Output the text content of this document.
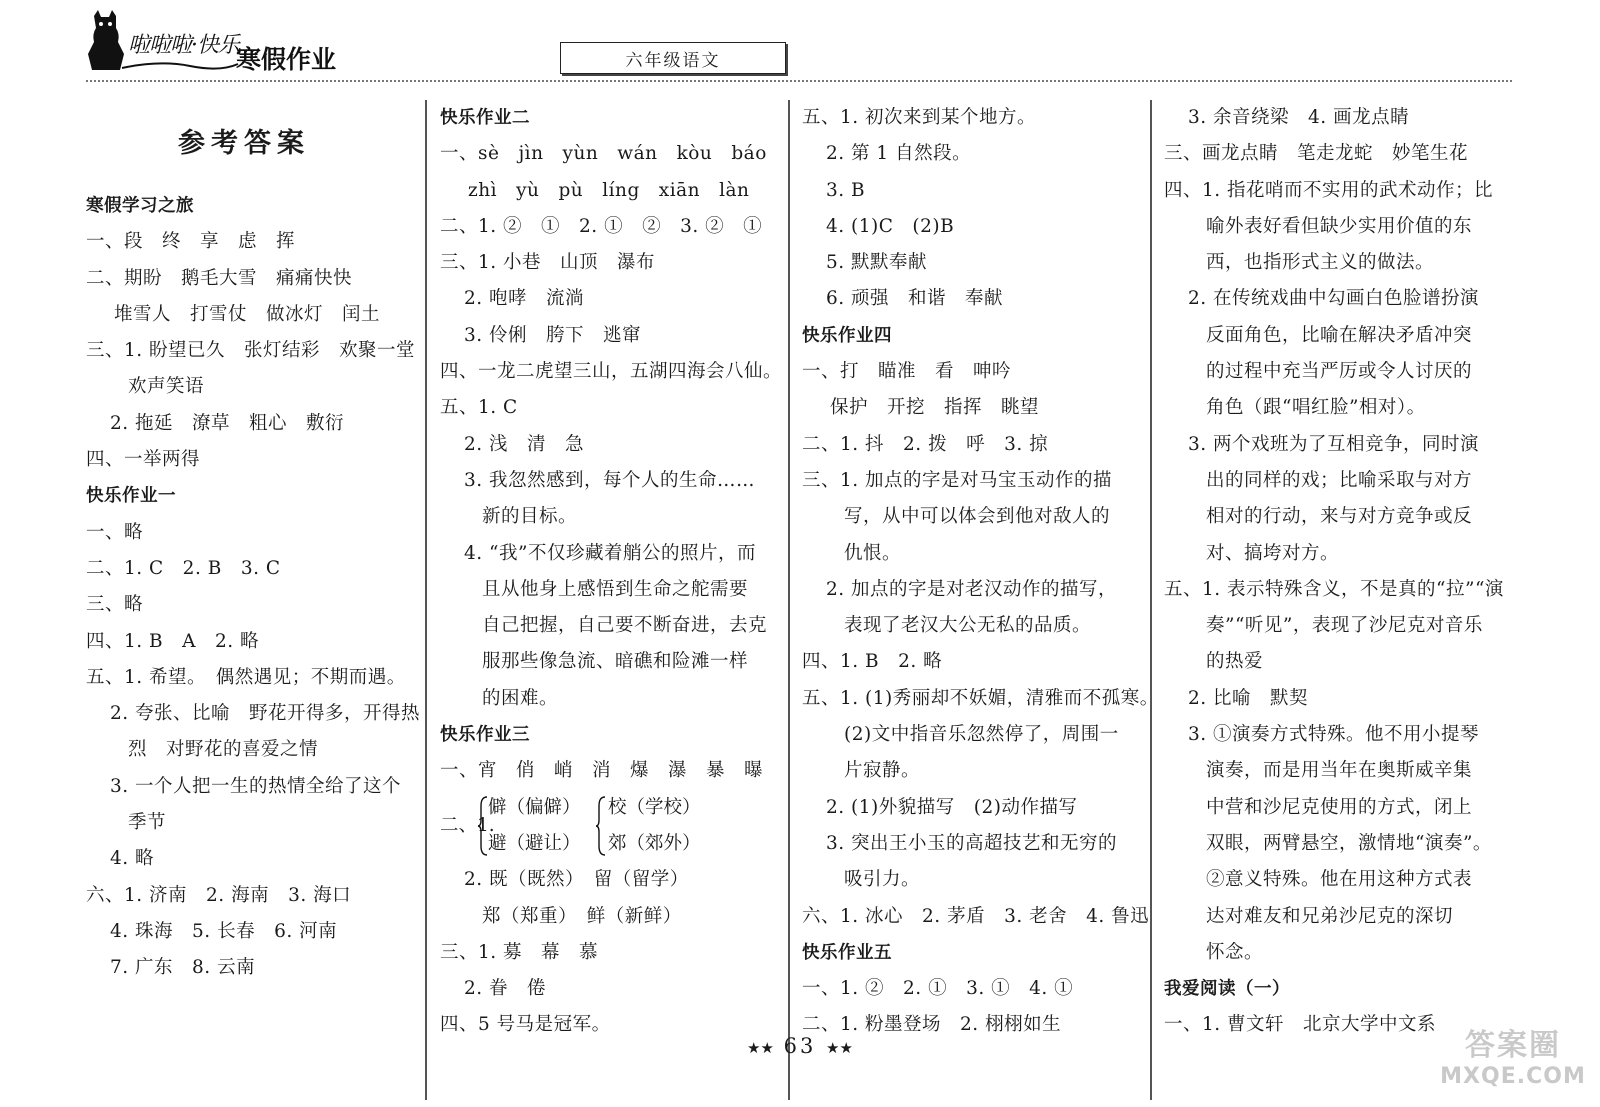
啦啦啦·快乐
寒假作业	六年级语文
参考答案
寒假学习之旅
一、段　终　享　虑　挥
二、期盼　鹅毛大雪　痛痛快快
堆雪人　打雪仗　做冰灯　闰土
三、1. 盼望已久　张灯结彩　欢聚一堂
欢声笑语
2. 拖延　潦草　粗心　敷衍
四、一举两得
快乐作业一
一、略
二、1. C　2. B　3. C
三、略
四、1. B　A　2. 略
五、1. 希望。　偶然遇见；不期而遇。
2. 夸张、比喻　野花开得多，开得热
烈　对野花的喜爱之情
3. 一个人把一生的热情全给了这个
季节
4. 略
六、1. 济南　2. 海南　3. 海口
4. 珠海　5. 长春　6. 河南
7. 广东　8. 云南
快乐作业二
一、sè　jìn　yùn　wán　kòu　báo
zhì　yù　pù　líng　xiān　làn
二、1. ②　①　2. ①　②　3. ②　①
三、1. 小巷　山顶　瀑布
2. 咆哮　流淌
3. 伶俐　胯下　逃窜
四、一龙二虎望三山，五湖四海会八仙。
五、1. C
2. 浅　清　急
3. 我忽然感到，每个人的生命……
新的目标。
4. “我”不仅珍藏着艄公的照片，而
且从他身上感悟到生命之舵需要
自己把握，自己要不断奋进，去克
服那些像急流、暗礁和险滩一样
的困难。
快乐作业三
一、宵　俏　峭　消　爆　瀑　暴　曝
二、1.
僻（偏僻）
避（避让）
校（学校）
郊（郊外）
2. 既（既然）　留（留学）
郑（郑重）　鲜（新鲜）
三、1. 募　幕　慕
2. 眷　倦
四、5 号马是冠军。
五、1. 初次来到某个地方。
2. 第 1 自然段。
3. B
4. (1)C　(2)B
5. 默默奉献
6. 顽强　和谐　奉献
快乐作业四
一、打　瞄准　看　呻吟
保护　开挖　指挥　眺望
二、1. 抖　2. 拨　呼　3. 掠
三、1. 加点的字是对马宝玉动作的描
写，从中可以体会到他对敌人的
仇恨。
2. 加点的字是对老汉动作的描写，
表现了老汉大公无私的品质。
四、1. B　2. 略
五、1. (1)秀丽却不妖媚，清雅而不孤寒。
(2)文中指音乐忽然停了，周围一
片寂静。
2. (1)外貌描写　(2)动作描写
3. 突出王小玉的高超技艺和无穷的
吸引力。
六、1. 冰心　2. 茅盾　3. 老舍　4. 鲁迅
快乐作业五
一、1. ②　2. ①　3. ①　4. ①
二、1. 粉墨登场　2. 栩栩如生
3. 余音绕梁　4. 画龙点睛
三、画龙点睛　笔走龙蛇　妙笔生花
四、1. 指花哨而不实用的武术动作；比
喻外表好看但缺少实用价值的东
西，也指形式主义的做法。
2. 在传统戏曲中勾画白色脸谱扮演
反面角色，比喻在解决矛盾冲突
的过程中充当严厉或令人讨厌的
角色（跟“唱红脸”相对）。
3. 两个戏班为了互相竞争，同时演
出的同样的戏；比喻采取与对方
相对的行动，来与对方竞争或反
对、搞垮对方。
五、1. 表示特殊含义，不是真的“拉”“演
奏”“听见”，表现了沙尼克对音乐
的热爱
2. 比喻　默契
3. ①演奏方式特殊。他不用小提琴
演奏，而是用当年在奥斯威辛集
中营和沙尼克使用的方式，闭上
双眼，两臂悬空，激情地“演奏”。
②意义特殊。他在用这种方式表
达对难友和兄弟沙尼克的深切
怀念。
我爱阅读（一）
一、1. 曹文轩　北京大学中文系
★★ 63 ★★	答案圈
MXQE.COM
